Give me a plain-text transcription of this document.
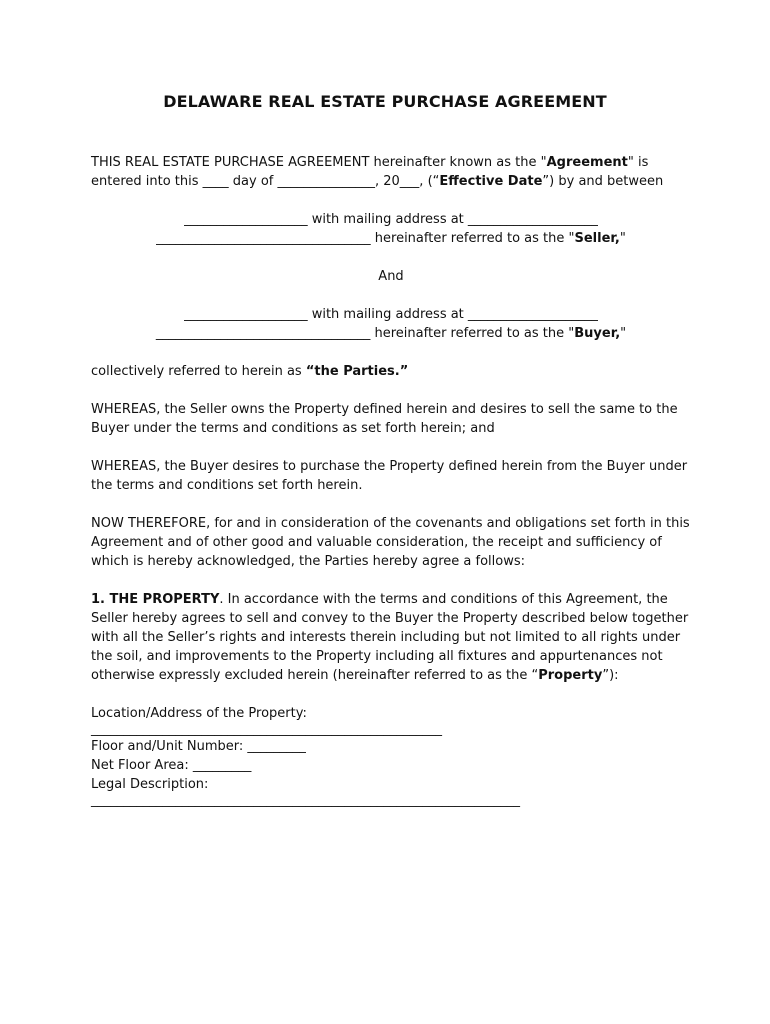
DELAWARE REAL ESTATE PURCHASE AGREEMENT

THIS REAL ESTATE PURCHASE AGREEMENT hereinafter known as the "Agreement" is entered into this ____ day of _______________, 20___, (“Effective Date”) by and between

___________________ with mailing address at ____________________
_________________________________ hereinafter referred to as the "Seller,"

And

___________________ with mailing address at ____________________
_________________________________ hereinafter referred to as the "Buyer,"

collectively referred to herein as “the Parties.”

WHEREAS, the Seller owns the Property defined herein and desires to sell the same to the Buyer under the terms and conditions as set forth herein; and

WHEREAS, the Buyer desires to purchase the Property defined herein from the Buyer under the terms and conditions set forth herein.

NOW THEREFORE, for and in consideration of the covenants and obligations set forth in this Agreement and of other good and valuable consideration, the receipt and sufficiency of which is hereby acknowledged, the Parties hereby agree a follows:

1. THE PROPERTY. In accordance with the terms and conditions of this Agreement, the Seller hereby agrees to sell and convey to the Buyer the Property described below together with all the Seller’s rights and interests therein including but not limited to all rights under the soil, and improvements to the Property including all fixtures and appurtenances not otherwise expressly excluded herein (hereinafter referred to as the “Property”):

Location/Address of the Property:
______________________________________________________
Floor and/Unit Number: _________
Net Floor Area: _________
Legal Description:
__________________________________________________________________
